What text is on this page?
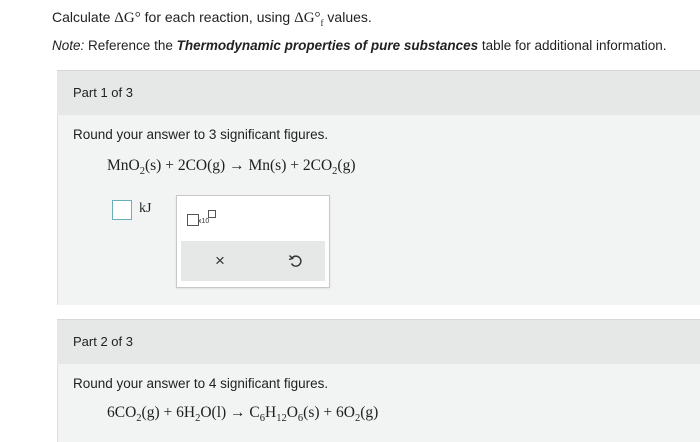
Calculate ΔG° for each reaction, using $\Delta G^\circ_f$ values.
Note: Reference the Thermodynamic properties of pure substances table for additional information.
Part 1 of 3
Round your answer to 3 significant figures.
$MnO_2(s) + 2CO(g) \to Mn(s) + 2CO_2(g)$
kJ
x10
×
Part 2 of 3
Round your answer to 4 significant figures.
$6CO_2(g) + 6H_2O(l) \to C_6H_{12}O_6(s) + 6O_2(g)$
